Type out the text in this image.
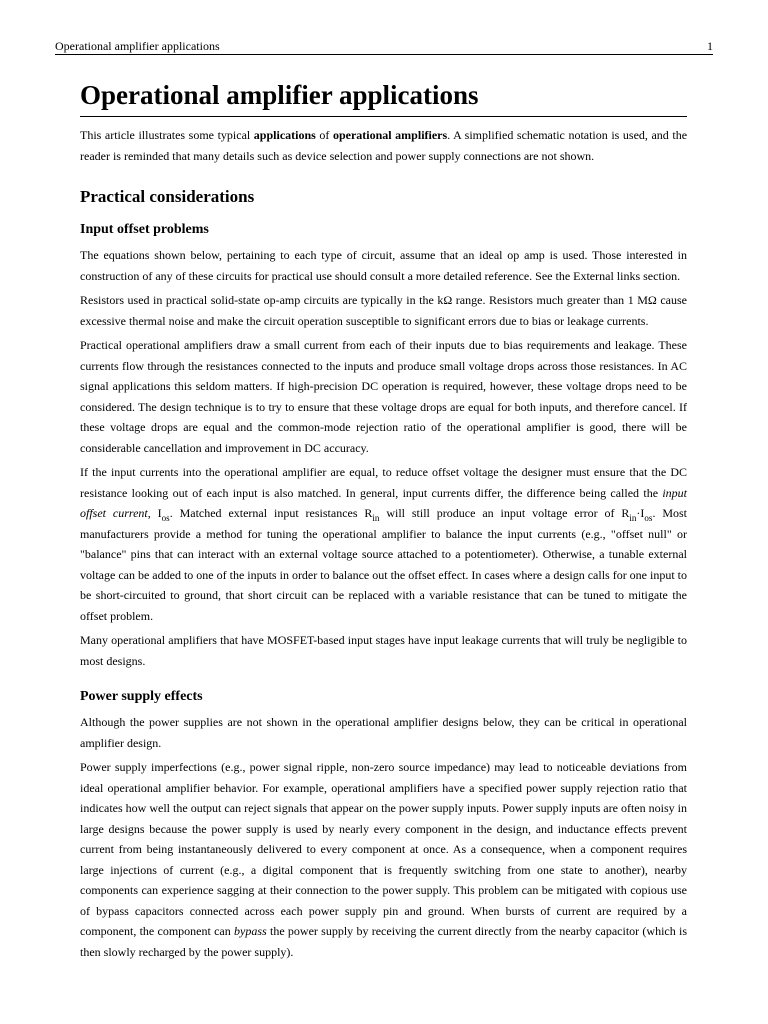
Operational amplifier applications	1
Operational amplifier applications

This article illustrates some typical applications of operational amplifiers. A simplified schematic notation is used, and the reader is reminded that many details such as device selection and power supply connections are not shown.

Practical considerations
Input offset problems

The equations shown below, pertaining to each type of circuit, assume that an ideal op amp is used. Those interested in construction of any of these circuits for practical use should consult a more detailed reference. See the External links section.

Resistors used in practical solid-state op-amp circuits are typically in the kΩ range. Resistors much greater than 1 MΩ cause excessive thermal noise and make the circuit operation susceptible to significant errors due to bias or leakage currents.

Practical operational amplifiers draw a small current from each of their inputs due to bias requirements and leakage. These currents flow through the resistances connected to the inputs and produce small voltage drops across those resistances. In AC signal applications this seldom matters. If high-precision DC operation is required, however, these voltage drops need to be considered. The design technique is to try to ensure that these voltage drops are equal for both inputs, and therefore cancel. If these voltage drops are equal and the common-mode rejection ratio of the operational amplifier is good, there will be considerable cancellation and improvement in DC accuracy.

If the input currents into the operational amplifier are equal, to reduce offset voltage the designer must ensure that the DC resistance looking out of each input is also matched. In general, input currents differ, the difference being called the input offset current, $I_{os}$. Matched external input resistances $R_{in}$ will still produce an input voltage error of $R_{in}\cdot I_{os}$. Most manufacturers provide a method for tuning the operational amplifier to balance the input currents (e.g., "offset null" or "balance" pins that can interact with an external voltage source attached to a potentiometer). Otherwise, a tunable external voltage can be added to one of the inputs in order to balance out the offset effect. In cases where a design calls for one input to be short-circuited to ground, that short circuit can be replaced with a variable resistance that can be tuned to mitigate the offset problem.

Many operational amplifiers that have MOSFET-based input stages have input leakage currents that will truly be negligible to most designs.

Power supply effects

Although the power supplies are not shown in the operational amplifier designs below, they can be critical in operational amplifier design.

Power supply imperfections (e.g., power signal ripple, non-zero source impedance) may lead to noticeable deviations from ideal operational amplifier behavior. For example, operational amplifiers have a specified power supply rejection ratio that indicates how well the output can reject signals that appear on the power supply inputs. Power supply inputs are often noisy in large designs because the power supply is used by nearly every component in the design, and inductance effects prevent current from being instantaneously delivered to every component at once. As a consequence, when a component requires large injections of current (e.g., a digital component that is frequently switching from one state to another), nearby components can experience sagging at their connection to the power supply. This problem can be mitigated with copious use of bypass capacitors connected across each power supply pin and ground. When bursts of current are required by a component, the component can bypass the power supply by receiving the current directly from the nearby capacitor (which is then slowly recharged by the power supply).
